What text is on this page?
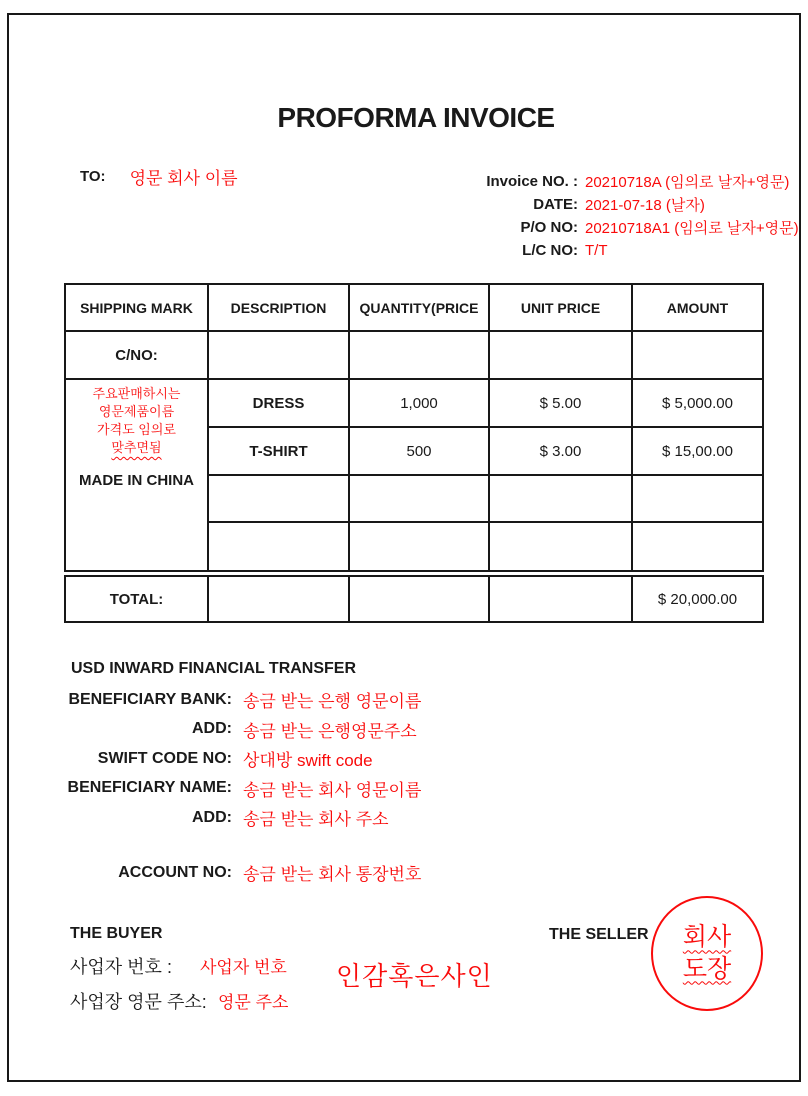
PROFORMA INVOICE
TO: 영문 회사 이름	Invoice NO. : 20210718A (임의로 날자+영문)
DATE: 2021-07-18 (날자)
P/O NO: 20210718A1 (임의로 날자+영문)
L/C NO: T/T
SHIPPING MARK	DESCRIPTION	QUANTITY(PRICE	UNIT PRICE	AMOUNT
C/NO:				

주요판매하시는
영문제품이름
가격도 임의로
맞추면됨
MADE IN CHINA	DRESS	1,000	$ 5.00	$ 5,000.00
	T-SHIRT	500	$ 3.00	$ 15,00.00

TOTAL:				$ 20,000.00
USD INWARD FINANCIAL TRANSFER
BENEFICIARY BANK: 송금 받는 은행 영문이름
ADD: 송금 받는 은행영문주소
SWIFT CODE NO: 상대방 swift code
BENEFICIARY NAME: 송금 받는 회사 영문이름
ADD: 송금 받는 회사 주소
ACCOUNT NO: 송금 받는 회사 통장번호
THE BUYER
사업자 번호 :	사업자 번호
사업장 영문 주소: 영문 주소
인감혹은사인
THE SELLER 회사
도장
